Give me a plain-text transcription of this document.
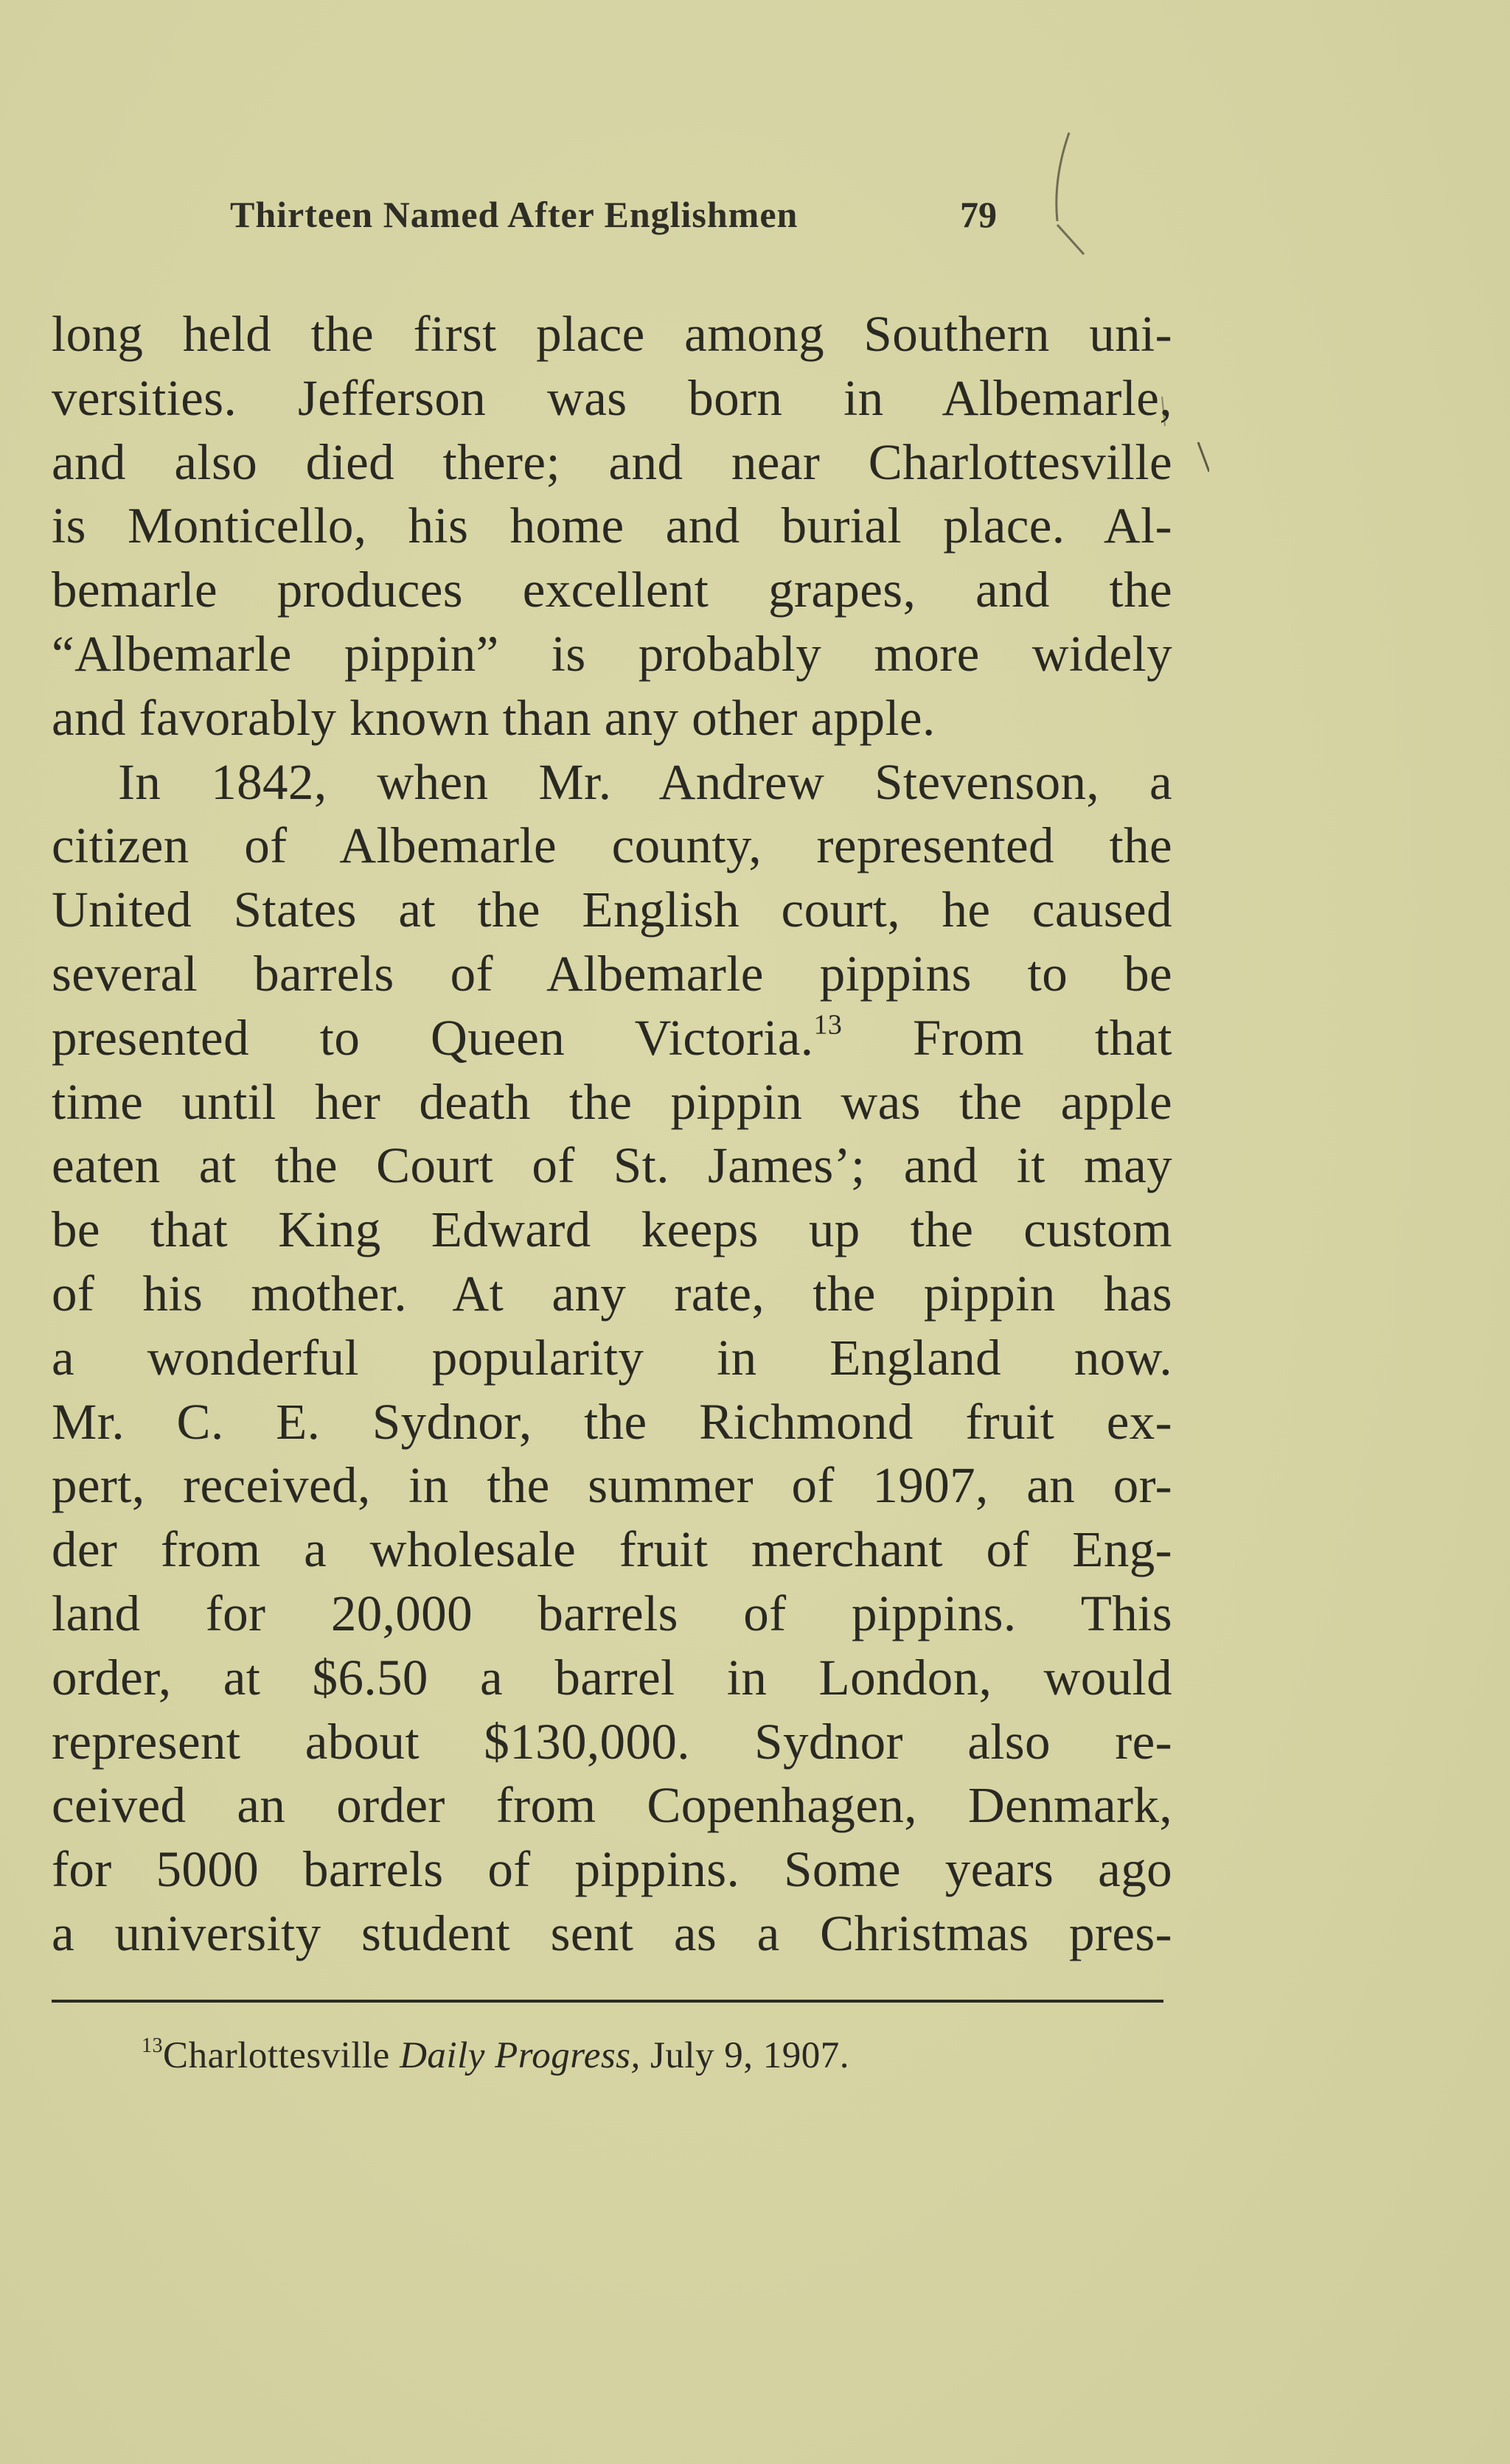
Thirteen Named After Englishmen	79
long held the first place among Southern uni-
versities. Jefferson was born in Albemarle,
and also died there; and near Charlottesville
is Monticello, his home and burial place. Al-
bemarle produces excellent grapes, and the
“Albemarle pippin” is probably more widely
and favorably known than any other apple.
In 1842, when Mr. Andrew Stevenson, a
citizen of Albemarle county, represented the
United States at the English court, he caused
several barrels of Albemarle pippins to be
presented to Queen Victoria.$^{13}$ From that
time until her death the pippin was the apple
eaten at the Court of St. James’; and it may
be that King Edward keeps up the custom
of his mother. At any rate, the pippin has
a wonderful popularity in England now.
Mr. C. E. Sydnor, the Richmond fruit ex-
pert, received, in the summer of 1907, an or-
der from a wholesale fruit merchant of Eng-
land for 20,000 barrels of pippins. This
order, at $6.50 a barrel in London, would
represent about $130,000. Sydnor also re-
ceived an order from Copenhagen, Denmark,
for 5000 barrels of pippins. Some years ago
a university student sent as a Christmas pres-
$^{13}$Charlottesville Daily Progress, July 9, 1907.
